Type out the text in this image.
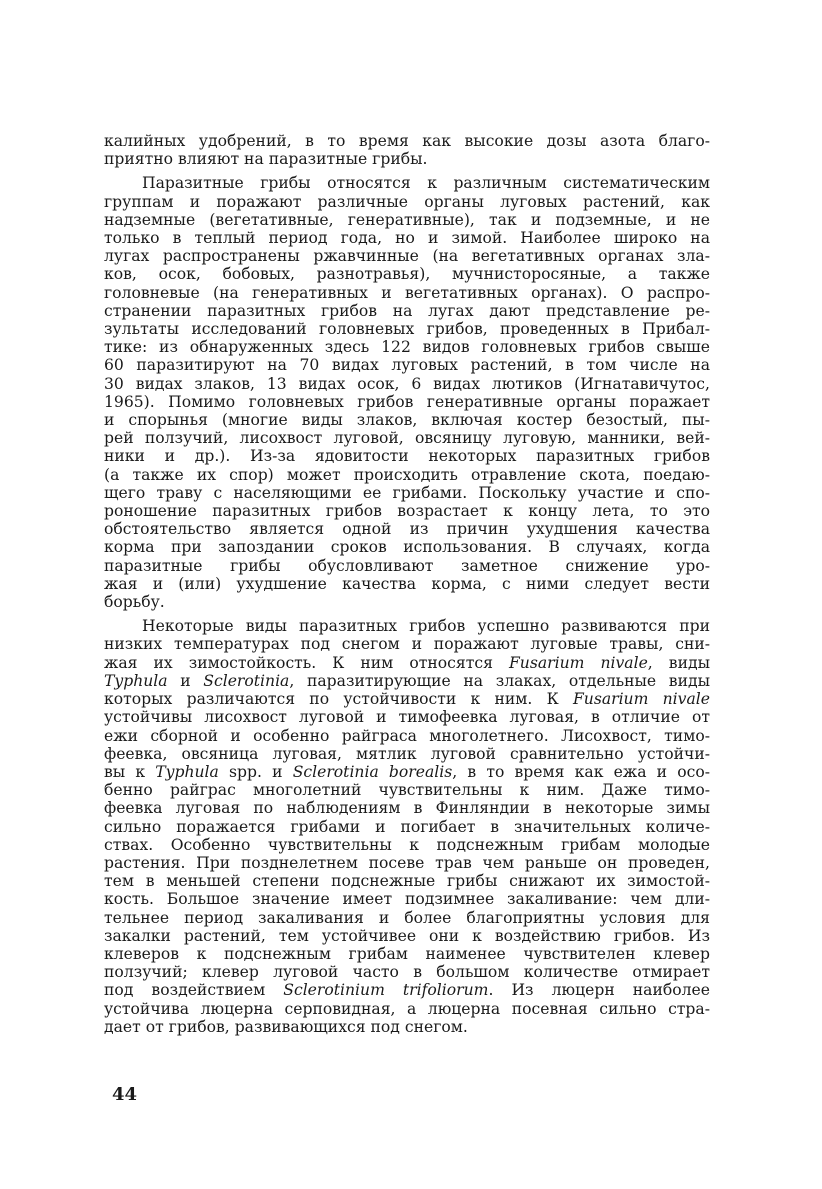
калийных удобрений, в то время как высокие дозы азота благо-
приятно влияют на паразитные грибы.

Паразитные грибы относятся к различным систематическим
группам и поражают различные органы луговых растений, как
надземные (вегетативные, генеративные), так и подземные, и не
только в теплый период года, но и зимой. Наиболее широко на
лугах распространены ржавчинные (на вегетативных органах зла-
ков, осок, бобовых, разнотравья), мучнисторосяные, а также
головневые (на генеративных и вегетативных органах). О распро-
странении паразитных грибов на лугах дают представление ре-
зультаты исследований головневых грибов, проведенных в Прибал-
тике: из обнаруженных здесь 122 видов головневых грибов свыше
60 паразитируют на 70 видах луговых растений, в том числе на
30 видах злаков, 13 видах осок, 6 видах лютиков (Игнатавичутос,
1965). Помимо головневых грибов генеративные органы поражает
и спорынья (многие виды злаков, включая костер безостый, пы-
рей ползучий, лисохвост луговой, овсяницу луговую, манники, вей-
ники и др.). Из-за ядовитости некоторых паразитных грибов
(а также их спор) может происходить отравление скота, поедаю-
щего траву с населяющими ее грибами. Поскольку участие и спо-
роношение паразитных грибов возрастает к концу лета, то это
обстоятельство является одной из причин ухудшения качества
корма при запоздании сроков использования. В случаях, когда
паразитные грибы обусловливают заметное снижение уро-
жая и (или) ухудшение качества корма, с ними следует вести
борьбу.

Некоторые виды паразитных грибов успешно развиваются при
низких температурах под снегом и поражают луговые травы, сни-
жая их зимостойкость. К ним относятся Fusarium nivale, виды
Typhula и Sclerotinia, паразитирующие на злаках, отдельные виды
которых различаются по устойчивости к ним. К Fusarium nivale
устойчивы лисохвост луговой и тимофеевка луговая, в отличие от
ежи сборной и особенно райграса многолетнего. Лисохвост, тимо-
феевка, овсяница луговая, мятлик луговой сравнительно устойчи-
вы к Typhula spp. и Sclerotinia borealis, в то время как ежа и осо-
бенно райграс многолетний чувствительны к ним. Даже тимо-
феевка луговая по наблюдениям в Финляндии в некоторые зимы
сильно поражается грибами и погибает в значительных количе-
ствах. Особенно чувствительны к подснежным грибам молодые
растения. При позднелетнем посеве трав чем раньше он проведен,
тем в меньшей степени подснежные грибы снижают их зимостой-
кость. Большое значение имеет подзимнее закаливание: чем дли-
тельнее период закаливания и более благоприятны условия для
закалки растений, тем устойчивее они к воздействию грибов. Из
клеверов к подснежным грибам наименее чувствителен клевер
ползучий; клевер луговой часто в большом количестве отмирает
под воздействием Sclerotinium trifoliorum. Из люцерн наиболее
устойчива люцерна серповидная, а люцерна посевная сильно стра-
дает от грибов, развивающихся под снегом.

44
